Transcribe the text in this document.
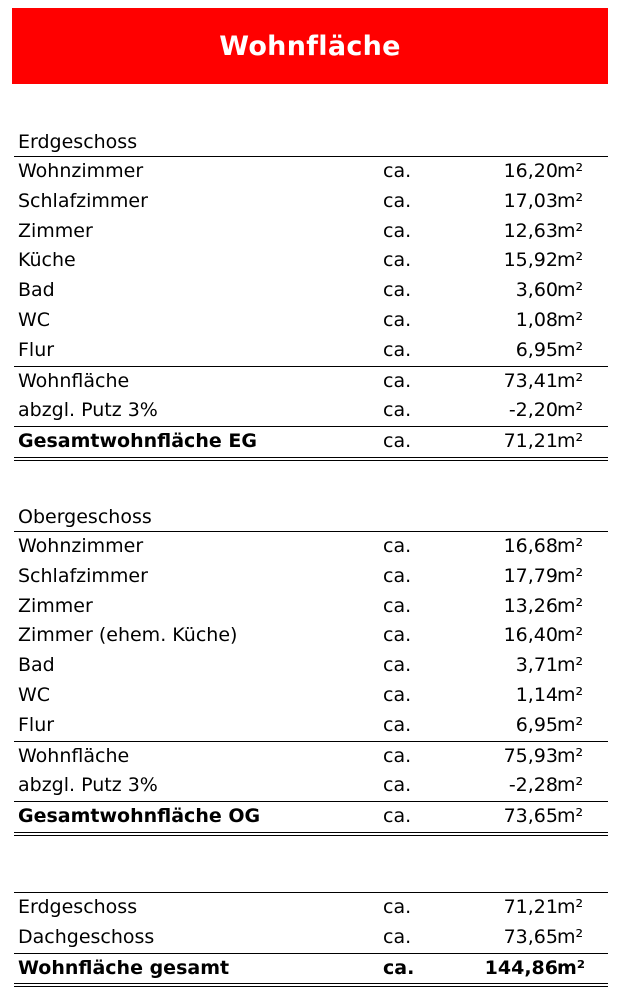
Wohnfläche
Erdgeschoss
Wohnzimmer	ca.	16,20 m²
Schlafzimmer	ca.	17,03 m²
Zimmer	ca.	12,63 m²
Küche	ca.	15,92 m²
Bad	ca.	3,60 m²
WC	ca.	1,08 m²
Flur	ca.	6,95 m²
Wohnfläche	ca.	73,41 m²
abzgl. Putz 3%	ca.	-2,20 m²
Gesamtwohnfläche EG	ca.	71,21 m²
Obergeschoss
Wohnzimmer	ca.	16,68 m²
Schlafzimmer	ca.	17,79 m²
Zimmer	ca.	13,26 m²
Zimmer (ehem. Küche)	ca.	16,40 m²
Bad	ca.	3,71 m²
WC	ca.	1,14 m²
Flur	ca.	6,95 m²
Wohnfläche	ca.	75,93 m²
abzgl. Putz 3%	ca.	-2,28 m²
Gesamtwohnfläche OG	ca.	73,65 m²
Erdgeschoss	ca.	71,21 m²
Dachgeschoss	ca.	73,65 m²
Wohnfläche gesamt	ca.	144,86 m²
